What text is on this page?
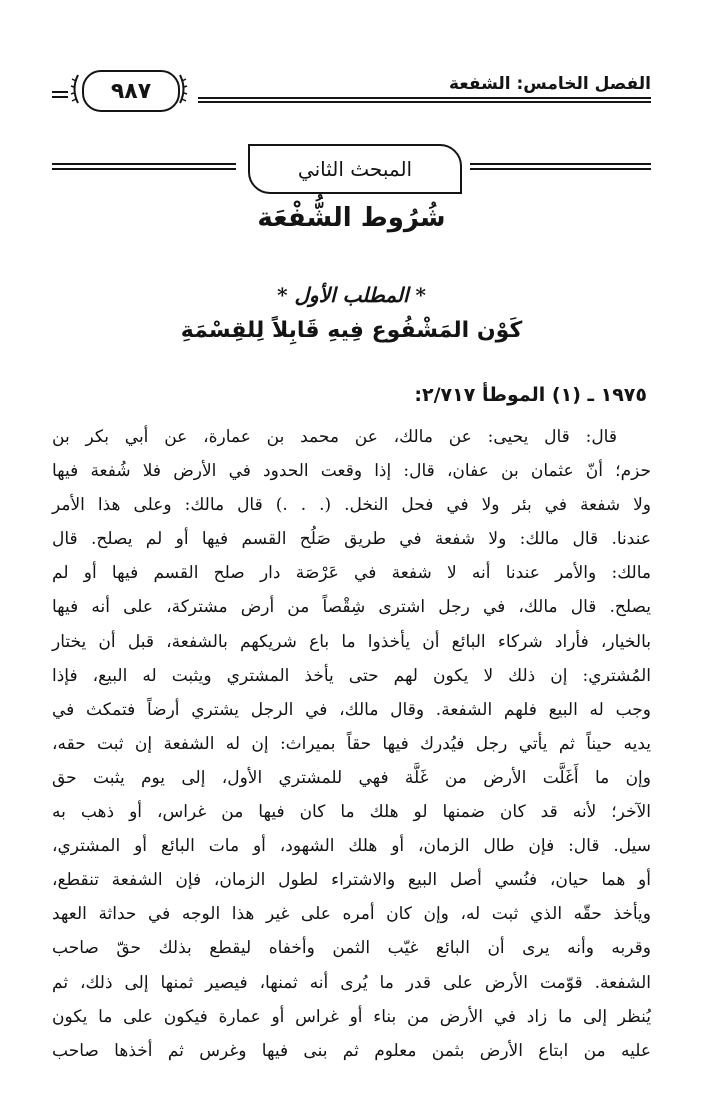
الفصل الخامس: الشفعة
٩٨٧
المبحث الثاني
شُرُوط الشُّفْعَة
* المطلب الأول *
كَوْن المَشْفُوع فِيهِ قَابِلاً لِلقِسْمَةِ
١٩٧٥ ـ (١) الموطأ ٢/٧١٧:
قال: قال يحيى: عن مالك، عن محمد بن عمارة، عن أبي بكر بن
حزم؛ أنّ عثمان بن عفان، قال: إذا وقعت الحدود في الأرض فلا شُفعة فيها
ولا شفعة في بئر ولا في فحل النخل. (. . .) قال مالك: وعلى هذا الأمر
عندنا. قال مالك: ولا شفعة في طريق صَلُح القسم فيها أو لم يصلح. قال
مالك: والأمر عندنا أنه لا شفعة في عَرْصَة دار صلح القسم فيها أو لم
يصلح. قال مالك، في رجل اشترى شِقْصاً من أرض مشتركة، على أنه فيها
بالخيار، فأراد شركاء البائع أن يأخذوا ما باع شريكهم بالشفعة، قبل أن يختار
المُشتري: إن ذلك لا يكون لهم حتى يأخذ المشتري ويثبت له البيع، فإذا
وجب له البيع فلهم الشفعة. وقال مالك، في الرجل يشتري أرضاً فتمكث في
يديه حيناً ثم يأتي رجل فيُدرك فيها حقاً بميراث: إن له الشفعة إن ثبت حقه،
وإن ما أَغَلَّت الأرض من غَلَّة فهي للمشتري الأول، إلى يوم يثبت حق
الآخر؛ لأنه قد كان ضمنها لو هلك ما كان فيها من غراس، أو ذهب به
سيل. قال: فإن طال الزمان، أو هلك الشهود، أو مات البائع أو المشتري،
أو هما حيان، فنُسي أصل البيع والاشتراء لطول الزمان، فإن الشفعة تنقطع،
ويأخذ حقّه الذي ثبت له، وإن كان أمره على غير هذا الوجه في حداثة العهد
وقربه وأنه يرى أن البائع غيّب الثمن وأخفاه ليقطع بذلك حقّ صاحب
الشفعة. قوّمت الأرض على قدر ما يُرى أنه ثمنها، فيصير ثمنها إلى ذلك، ثم
يُنظر إلى ما زاد في الأرض من بناء أو غراس أو عمارة فيكون على ما يكون
عليه من ابتاع الأرض بثمن معلوم ثم بنى فيها وغرس ثم أخذها صاحب
